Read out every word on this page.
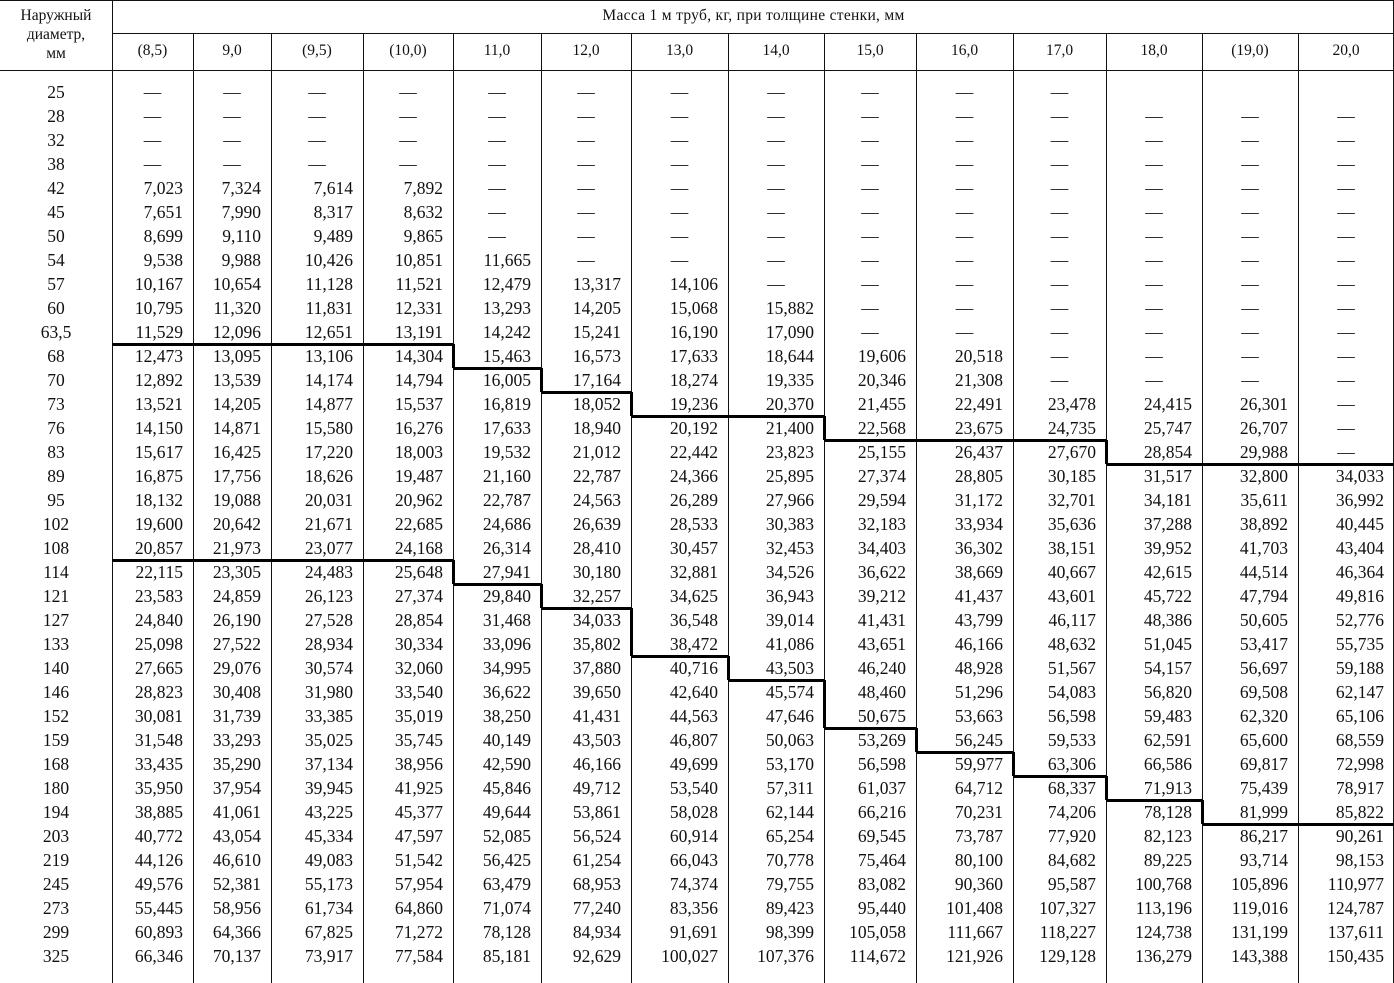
Наружный
диаметр,
мм
Масса 1 м труб, кг, при толщине стенки, мм
(8,5)	9,0	(9,5)	(10,0)	11,0	12,0	13,0	14,0	15,0	16,0	17,0	18,0	(19,0)	20,0
25	—	—	—	—	—	—	—	—	—	—	—
28	—	—	—	—	—	—	—	—	—	—	—	—	—	—
32	—	—	—	—	—	—	—	—	—	—	—	—	—	—
38	—	—	—	—	—	—	—	—	—	—	—	—	—	—
42	7,023	7,324	7,614	7,892	—	—	—	—	—	—	—	—	—	—
45	7,651	7,990	8,317	8,632	—	—	—	—	—	—	—	—	—	—
50	8,699	9,110	9,489	9,865	—	—	—	—	—	—	—	—	—	—
54	9,538	9,988	10,426	10,851	11,665	—	—	—	—	—	—	—	—	—
57	10,167	10,654	11,128	11,521	12,479	13,317	14,106	—	—	—	—	—	—	—
60	10,795	11,320	11,831	12,331	13,293	14,205	15,068	15,882	—	—	—	—	—	—
63,5	11,529	12,096	12,651	13,191	14,242	15,241	16,190	17,090	—	—	—	—	—	—
68	12,473	13,095	13,106	14,304	15,463	16,573	17,633	18,644	19,606	20,518	—	—	—	—
70	12,892	13,539	14,174	14,794	16,005	17,164	18,274	19,335	20,346	21,308	—	—	—	—
73	13,521	14,205	14,877	15,537	16,819	18,052	19,236	20,370	21,455	22,491	23,478	24,415	26,301	—
76	14,150	14,871	15,580	16,276	17,633	18,940	20,192	21,400	22,568	23,675	24,735	25,747	26,707	—
83	15,617	16,425	17,220	18,003	19,532	21,012	22,442	23,823	25,155	26,437	27,670	28,854	29,988	—
89	16,875	17,756	18,626	19,487	21,160	22,787	24,366	25,895	27,374	28,805	30,185	31,517	32,800	34,033
95	18,132	19,088	20,031	20,962	22,787	24,563	26,289	27,966	29,594	31,172	32,701	34,181	35,611	36,992
102	19,600	20,642	21,671	22,685	24,686	26,639	28,533	30,383	32,183	33,934	35,636	37,288	38,892	40,445
108	20,857	21,973	23,077	24,168	26,314	28,410	30,457	32,453	34,403	36,302	38,151	39,952	41,703	43,404
114	22,115	23,305	24,483	25,648	27,941	30,180	32,881	34,526	36,622	38,669	40,667	42,615	44,514	46,364
121	23,583	24,859	26,123	27,374	29,840	32,257	34,625	36,943	39,212	41,437	43,601	45,722	47,794	49,816
127	24,840	26,190	27,528	28,854	31,468	34,033	36,548	39,014	41,431	43,799	46,117	48,386	50,605	52,776
133	25,098	27,522	28,934	30,334	33,096	35,802	38,472	41,086	43,651	46,166	48,632	51,045	53,417	55,735
140	27,665	29,076	30,574	32,060	34,995	37,880	40,716	43,503	46,240	48,928	51,567	54,157	56,697	59,188
146	28,823	30,408	31,980	33,540	36,622	39,650	42,640	45,574	48,460	51,296	54,083	56,820	69,508	62,147
152	30,081	31,739	33,385	35,019	38,250	41,431	44,563	47,646	50,675	53,663	56,598	59,483	62,320	65,106
159	31,548	33,293	35,025	35,745	40,149	43,503	46,807	50,063	53,269	56,245	59,533	62,591	65,600	68,559
168	33,435	35,290	37,134	38,956	42,590	46,166	49,699	53,170	56,598	59,977	63,306	66,586	69,817	72,998
180	35,950	37,954	39,945	41,925	45,846	49,712	53,540	57,311	61,037	64,712	68,337	71,913	75,439	78,917
194	38,885	41,061	43,225	45,377	49,644	53,861	58,028	62,144	66,216	70,231	74,206	78,128	81,999	85,822
203	40,772	43,054	45,334	47,597	52,085	56,524	60,914	65,254	69,545	73,787	77,920	82,123	86,217	90,261
219	44,126	46,610	49,083	51,542	56,425	61,254	66,043	70,778	75,464	80,100	84,682	89,225	93,714	98,153
245	49,576	52,381	55,173	57,954	63,479	68,953	74,374	79,755	83,082	90,360	95,587	100,768	105,896	110,977
273	55,445	58,956	61,734	64,860	71,074	77,240	83,356	89,423	95,440	101,408	107,327	113,196	119,016	124,787
299	60,893	64,366	67,825	71,272	78,128	84,934	91,691	98,399	105,058	111,667	118,227	124,738	131,199	137,611
325	66,346	70,137	73,917	77,584	85,181	92,629	100,027	107,376	114,672	121,926	129,128	136,279	143,388	150,435
